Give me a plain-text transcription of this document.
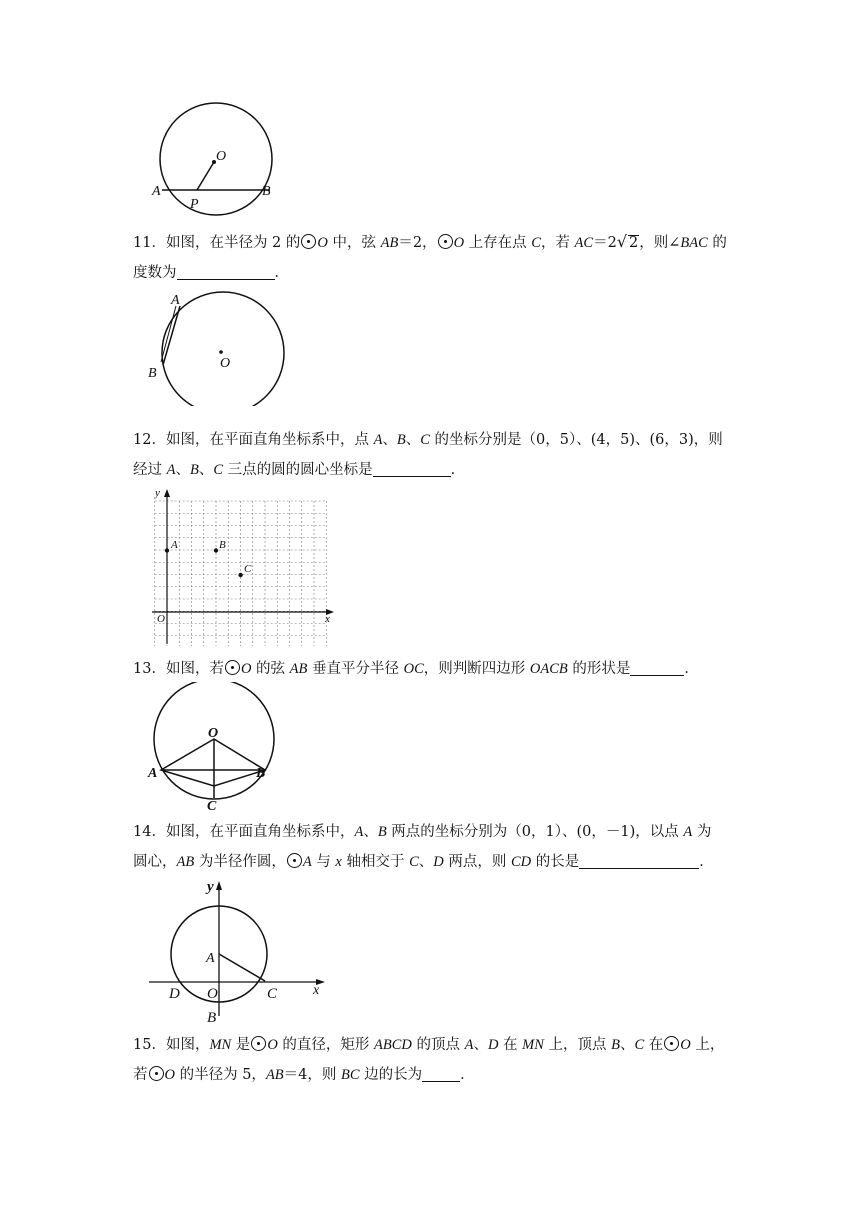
O
A	B
P
11．如图，在半径为 2 的 O 中，弦 AB＝2， O 上存在点 C，若 AC＝2√ 2，则∠BAC 的
度数为	．
A
B
O
12．如图，在平面直角坐标系中，点 A、B、C 的坐标分别是（0，5）、(4，5)、(6，3)，则
经过 A、B、C 三点的圆的圆心坐标是	．
y
x
O
A	B
C
13．如图，若 O 的弦 AB 垂直平分半径 OC，则判断四边形 OACB 的形状是	．
O
A	B
C
14．如图，在平面直角坐标系中，A、B 两点的坐标分别为（0，1）、(0，－1)，以点 A 为
圆心，AB 为半径作圆， A 与 x 轴相交于 C、D 两点，则 CD 的长是	．
y
x
A
O
D	C
B
15．如图，MN 是 O 的直径，矩形 ABCD 的顶点 A、D 在 MN 上，顶点 B、C 在 O 上，
若 O 的半径为 5，AB＝4，则 BC 边的长为	．
